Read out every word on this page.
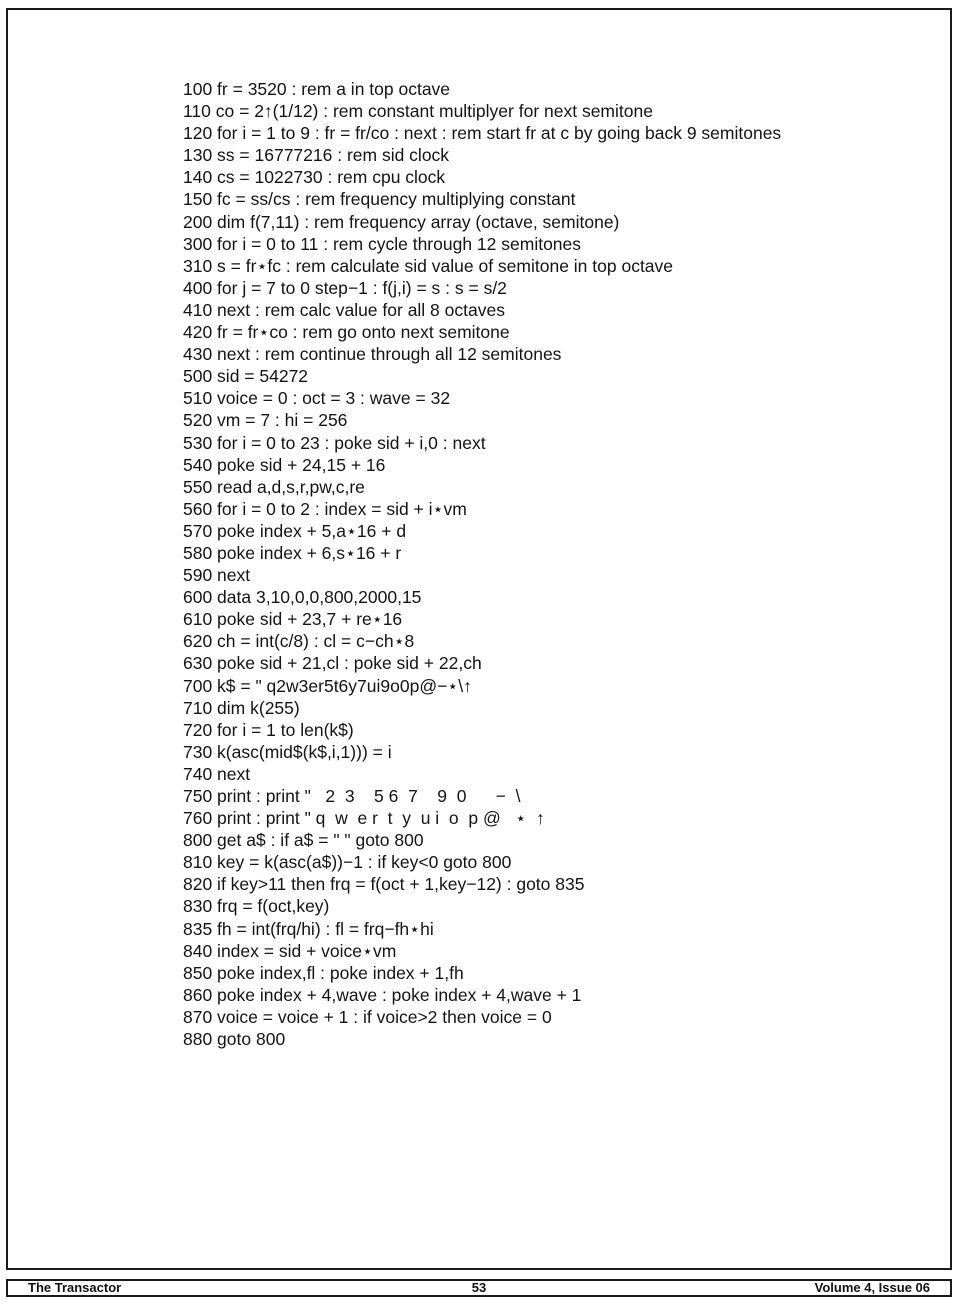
100 fr = 3520 : rem a in top octave
110 co = 2↑(1/12) : rem constant multiplyer for next semitone
120 for i = 1 to 9 : fr = fr/co : next : rem start fr at c by going back 9 semitones
130 ss = 16777216 : rem sid clock
140 cs = 1022730 : rem cpu clock
150 fc = ss/cs : rem frequency multiplying constant
200 dim f(7,11) : rem frequency array (octave, semitone)
300 for i = 0 to 11 : rem cycle through 12 semitones
310 s = fr⋆fc : rem calculate sid value of semitone in top octave
400 for j = 7 to 0 step−1 : f(j,i) = s : s = s/2
410 next : rem calc value for all 8 octaves
420 fr = fr⋆co : rem go onto next semitone
430 next : rem continue through all 12 semitones
500 sid = 54272
510 voice = 0 : oct = 3 : wave = 32
520 vm = 7 : hi = 256
530 for i = 0 to 23 : poke sid + i,0 : next
540 poke sid + 24,15 + 16
550 read a,d,s,r,pw,c,re
560 for i = 0 to 2 : index = sid + i⋆vm
570 poke index + 5,a⋆16 + d
580 poke index + 6,s⋆16 + r
590 next
600 data 3,10,0,0,800,2000,15
610 poke sid + 23,7 + re⋆16
620 ch = int(c/8) : cl = c−ch⋆8
630 poke sid + 21,cl : poke sid + 22,ch
700 k$ = " q2w3er5t6y7ui9o0p@−⋆\↑
710 dim k(255)
720 for i = 1 to len(k$)
730 k(asc(mid$(k$,i,1))) = i
740 next
750 print : print "   2  3    5 6  7    9  0      −  \
760 print : print " q  w  e r  t  y  u i  o  p @   ⋆  ↑
800 get a$ : if a$ = " " goto 800
810 key = k(asc(a$))−1 : if key<0 goto 800
820 if key>11 then frq = f(oct + 1,key−12) : goto 835
830 frq = f(oct,key)
835 fh = int(frq/hi) : fl = frq−fh⋆hi
840 index = sid + voice⋆vm
850 poke index,fl : poke index + 1,fh
860 poke index + 4,wave : poke index + 4,wave + 1
870 voice = voice + 1 : if voice>2 then voice = 0
880 goto 800
The Transactor	53	Volume 4, Issue 06
